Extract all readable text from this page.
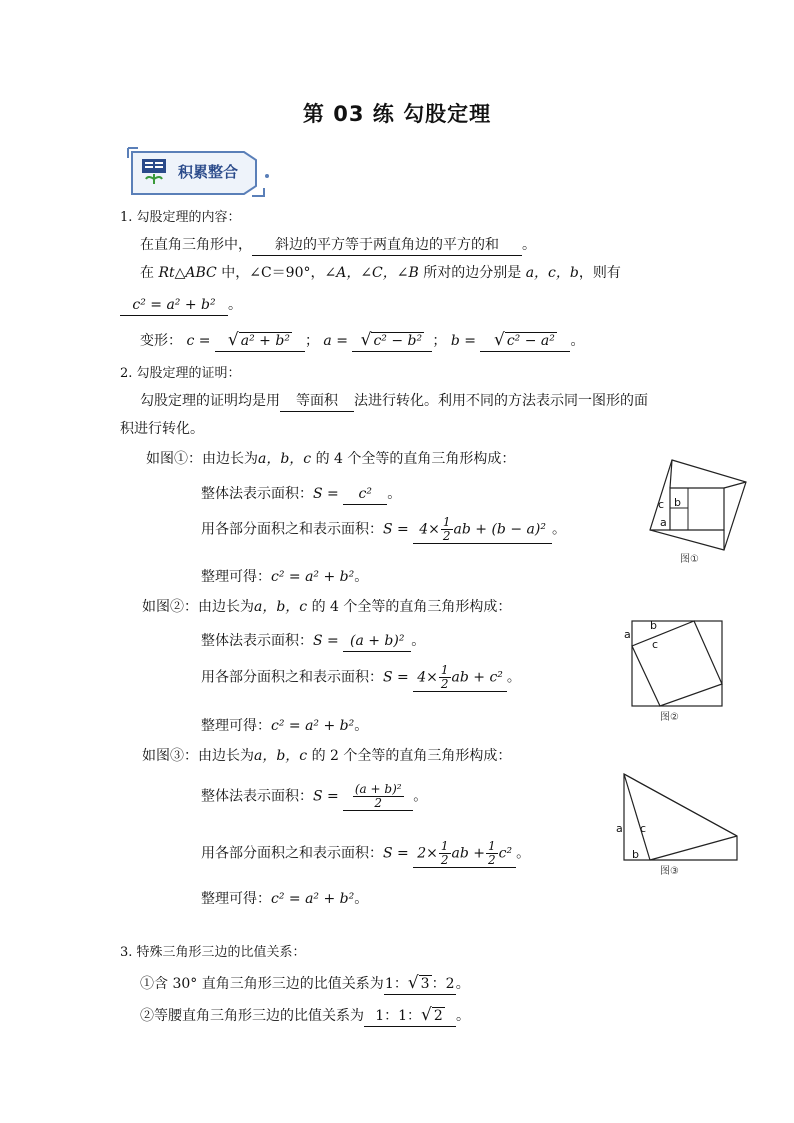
第 03 练 勾股定理
积累整合
1. 勾股定理的内容：
在直角三角形中， 斜边的平方等于两直角边的平方的和 。
在 Rt△ABC 中，∠C＝90°，∠A，∠C，∠B 所对的边分别是 a，c，b，则有
c² = a² + b² 。
变形： c = √ a² + b² ； a = √ c² − b² ； b = √ c² − a² 。
2. 勾股定理的证明：
勾股定理的证明均是用 等面积 法进行转化。利用不同的方法表示同一图形的面
积进行转化。
如图①：由边长为a，b，c 的 4 个全等的直角三角形构成：
整体法表示面积：S = c² 。
用各部分面积之和表示面积：$S = 4\times \frac{1}{2}$ ab + (b − a)² 。
整理可得：c² = a² + b²。
c b
a
图①
如图②：由边长为a，b，c 的 4 个全等的直角三角形构成：
整体法表示面积：S = (a + b)² 。
用各部分面积之和表示面积：$S = 4\times \frac{1}{2}$ ab + c² 。
整理可得：c² = a² + b²。
a
b
c
图②
如图③：由边长为a，b，c 的 2 个全等的直角三角形构成：
整体法表示面积：$S = \frac{\text{(a + b)²}}{2}$ 。
用各部分面积之和表示面积：$S = 2\times \frac{1}{2}$ ab + $\frac{1}{2} c^2$ 。
整理可得：c² = a² + b²。
a c
b
图③
3. 特殊三角形三边的比值关系：
①含 30° 直角三角形三边的比值关系为1：√ 3 ：2。
②等腰直角三角形三边的比值关系为 1：1：√ 2 。
